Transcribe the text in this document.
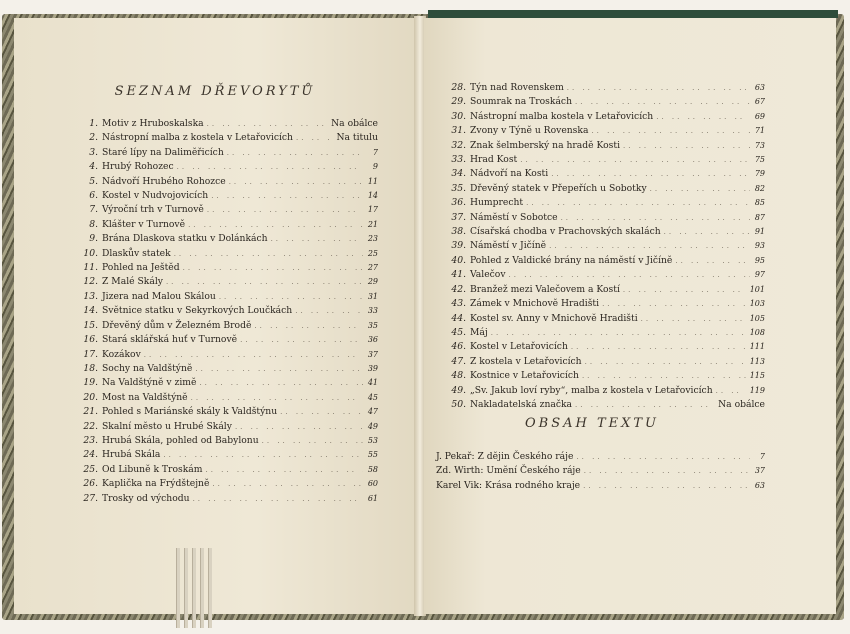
SEZNAM DŘEVORYTŮ
1. Motiv z Hruboskalska .. ..	Na obálce
2. Nástropní malba z kostela v Letařovicích .. ..	Na titulu
3. Staré lípy na Dalimĕřicích .. ..	7
4. Hrubý Rohozec .. ..	9
5. Nádvoří Hrubého Rohozce .. ..	11
6. Kostel v Nudvojovicích .. ..	14
7. Výroční trh v Turnově .. ..	17
8. Klášter v Turnově .. ..	21
9. Brána Dlaskova statku v Dolánkách .. ..	23
10. Dlaskův statek .. ..	25
11. Pohled na Ještĕd .. ..	27
12. Z Malé Skály .. ..	29
13. Jizera nad Malou Skálou .. ..	31
14. Svĕtnice statku v Sekyrkových Loučkách .. ..	33
15. Dřevĕný dům v Železném Brodĕ .. ..	35
16. Stará sklářská huť v Turnovĕ .. ..	36
17. Kozákov .. ..	37
18. Sochy na Valdštýnĕ .. ..	39
19. Na Valdštýnĕ v zimĕ .. ..	41
20. Most na Valdštýnĕ .. ..	45
21. Pohled s Mariánské skály k Valdštýnu .. ..	47
22. Skalní mĕsto u Hrubé Skály .. ..	49
23. Hrubá Skála, pohled od Babylonu .. ..	53
24. Hrubá Skála .. ..	55
25. Od Libunĕ k Troskám .. ..	58
26. Kaplička na Frýdštejnĕ .. ..	60
27. Trosky od východu .. ..	61
28. Týn nad Rovenskem .. ..	63
29. Soumrak na Troskách .. ..	67
30. Nástropní malba kostela v Letařovicích .. ..	69
31. Zvony v Týnĕ u Rovenska .. ..	71
32. Znak šelmberský na hradĕ Kosti .. ..	73
33. Hrad Kost .. ..	75
34. Nádvoří na Kosti .. ..	79
35. Dřevĕný statek v Přepeřích u Sobotky .. ..	82
36. Humprecht .. ..	85
37. Námĕstí v Sobotce .. ..	87
38. Císařská chodba v Prachovských skalách .. ..	91
39. Námĕstí v Jičínĕ .. ..	93
40. Pohled z Valdické brány na námĕstí v Jičínĕ .. ..	95
41. Valečov .. ..	97
42. Branžež mezi Valečovem a Kostí .. ..	101
43. Zámek v Mnichovĕ Hradišti .. ..	103
44. Kostel sv. Anny v Mnichovĕ Hradišti .. ..	105
45. Máj .. ..	108
46. Kostel v Letařovicích .. ..	111
47. Z kostela v Letařovicích .. ..	113
48. Kostnice v Letařovicích .. ..	115
49. „Sv. Jakub loví ryby“, malba z kostela v Letařovicích .. ..	119
50. Nakladatelská značka .. ..	Na obálce
OBSAH TEXTU
J. Pekař: Z dĕjin Českého ráje .. ..	7
Zd. Wirth: Umĕní Českého ráje .. ..	37
Karel Vik: Krása rodného kraje .. ..	63
